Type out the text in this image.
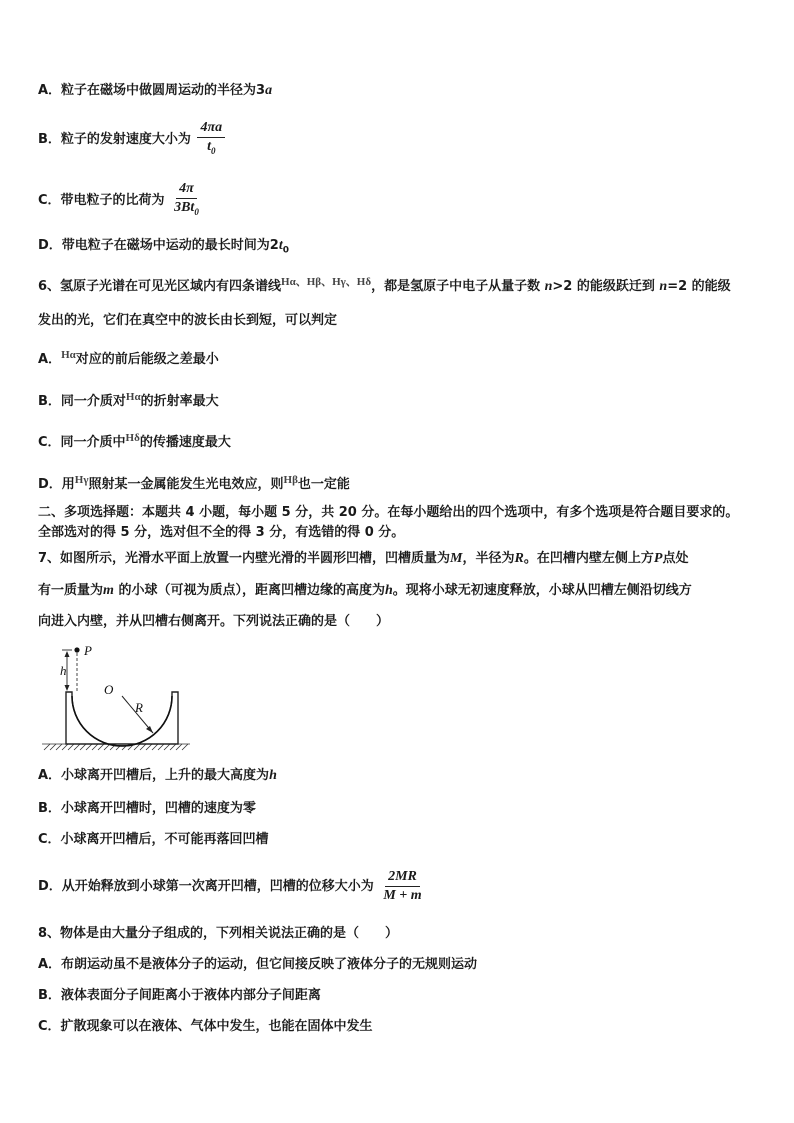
A．粒子在磁场中做圆周运动的半径为3a
B．粒子的发射速度大小为 $\frac{4\pi a}{t_0}$
C．带电粒子的比荷为 $\frac{4\pi}{3Bt_0}$
D．带电粒子在磁场中运动的最长时间为$2t_0$
6、氢原子光谱在可见光区域内有四条谱线$^{H\alpha、H\beta、H\gamma、H\delta}$，都是氢原子中电子从量子数 n>2 的能级跃迁到 n=2 的能级
发出的光，它们在真空中的波长由长到短，可以判定
A．$^{H\alpha}$对应的前后能级之差最小
B．同一介质对$^{H\alpha}$的折射率最大
C．同一介质中$^{H\delta}$的传播速度最大
D．用$^{H\gamma}$照射某一金属能发生光电效应，则$^{H\beta}$也一定能
二、多项选择题：本题共 4 小题，每小题 5 分，共 20 分。在每小题给出的四个选项中，有多个选项是符合题目要求的。
全部选对的得 5 分，选对但不全的得 3 分，有选错的得 0 分。
7、如图所示，光滑水平面上放置一内壁光滑的半圆形凹槽，凹槽质量为M，半径为R。在凹槽内壁左侧上方P点处
有一质量为m 的小球（可视为质点），距离凹槽边缘的高度为h。现将小球无初速度释放，小球从凹槽左侧沿切线方
向进入内壁，并从凹槽右侧离开。下列说法正确的是（　　）
P
h
O
R
A．小球离开凹槽后，上升的最大高度为h
B．小球离开凹槽时，凹槽的速度为零
C．小球离开凹槽后，不可能再落回凹槽
D．从开始释放到小球第一次离开凹槽，凹槽的位移大小为 $\frac{2MR}{M + m}$
8、物体是由大量分子组成的，下列相关说法正确的是（　　）
A．布朗运动虽不是液体分子的运动，但它间接反映了液体分子的无规则运动
B．液体表面分子间距离小于液体内部分子间距离
C．扩散现象可以在液体、气体中发生，也能在固体中发生
